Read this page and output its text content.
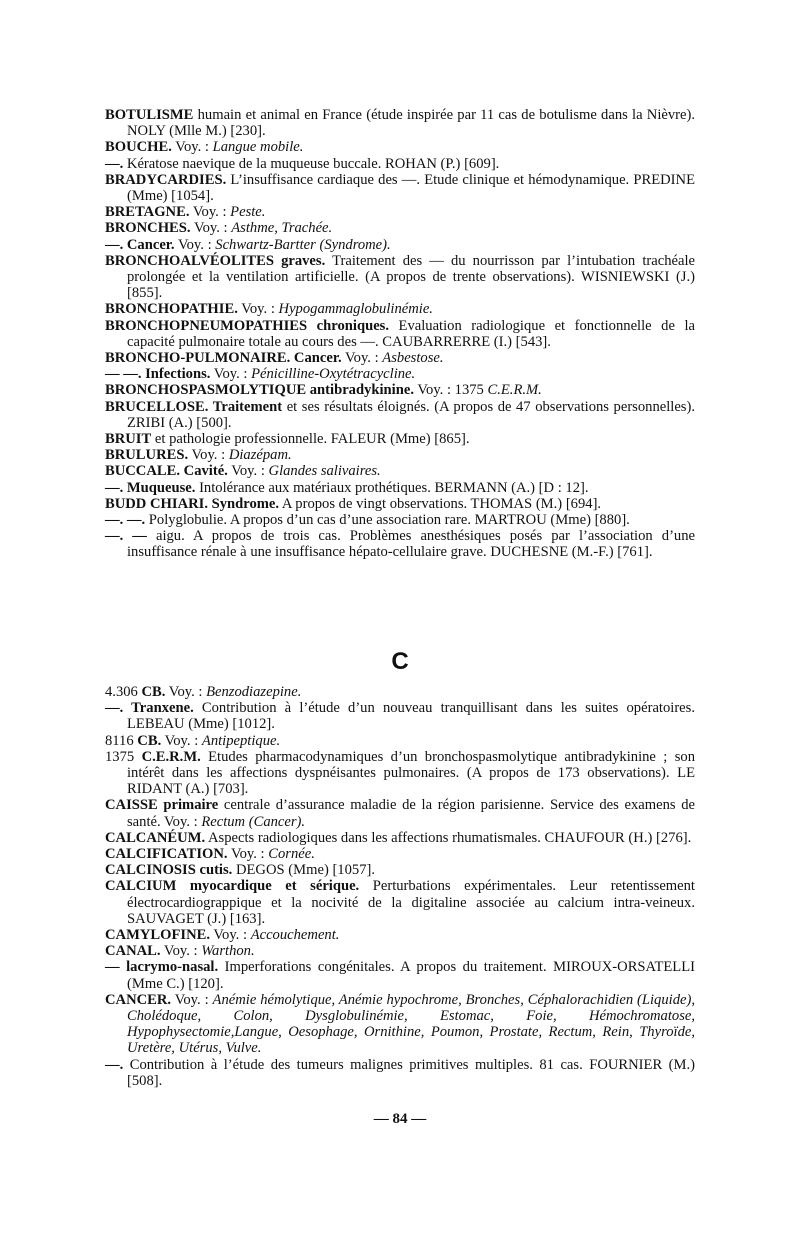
BOTULISME humain et animal en France (étude inspirée par 11 cas de botulisme dans la Nièvre). NOLY (Mlle M.) [230].

BOUCHE. Voy. : Langue mobile.

—. Kératose naevique de la muqueuse buccale. ROHAN (P.) [609].

BRADYCARDIES. L’insuffisance cardiaque des —. Etude clinique et hémodynamique. PREDINE (Mme) [1054].

BRETAGNE. Voy. : Peste.

BRONCHES. Voy. : Asthme, Trachée.

—. Cancer. Voy. : Schwartz-Bartter (Syndrome).

BRONCHOALVÉOLITES graves. Traitement des — du nourrisson par l’intubation trachéale prolongée et la ventilation artificielle. (A propos de trente observations). WISNIEWSKI (J.) [855].

BRONCHOPATHIE. Voy. : Hypogammaglobulinémie.

BRONCHOPNEUMOPATHIES chroniques. Evaluation radiologique et fonctionnelle de la capacité pulmonaire totale au cours des —. CAUBARRERRE (I.) [543].

BRONCHO-PULMONAIRE. Cancer. Voy. : Asbestose.

— —. Infections. Voy. : Pénicilline-Oxytétracycline.

BRONCHOSPASMOLYTIQUE antibradykinine. Voy. : 1375 C.E.R.M.

BRUCELLOSE. Traitement et ses résultats éloignés. (A propos de 47 observations personnelles). ZRIBI (A.) [500].

BRUIT et pathologie professionnelle. FALEUR (Mme) [865].

BRULURES. Voy. : Diazépam.

BUCCALE. Cavité. Voy. : Glandes salivaires.

—. Muqueuse. Intolérance aux matériaux prothétiques. BERMANN (A.) [D : 12].

BUDD CHIARI. Syndrome. A propos de vingt observations. THOMAS (M.) [694].

—. —. Polyglobulie. A propos d’un cas d’une association rare. MARTROU (Mme) [880].

—. — aigu. A propos de trois cas. Problèmes anesthésiques posés par l’association d’une insuffisance rénale à une insuffisance hépato-cellulaire grave. DUCHESNE (M.-F.) [761].

C

4.306 CB. Voy. : Benzodiazepine.

—. Tranxene. Contribution à l’étude d’un nouveau tranquillisant dans les suites opératoires. LEBEAU (Mme) [1012].

8116 CB. Voy. : Antipeptique.

1375 C.E.R.M. Etudes pharmacodynamiques d’un bronchospasmolytique antibradykinine ; son intérêt dans les affections dyspnéisantes pulmonaires. (A propos de 173 observations). LE RIDANT (A.) [703].

CAISSE primaire centrale d’assurance maladie de la région parisienne. Service des examens de santé. Voy. : Rectum (Cancer).

CALCANÉUM. Aspects radiologiques dans les affections rhumatismales. CHAUFOUR (H.) [276].

CALCIFICATION. Voy. : Cornée.

CALCINOSIS cutis. DEGOS (Mme) [1057].

CALCIUM myocardique et sérique. Perturbations expérimentales. Leur retentissement électrocardiograppique et la nocivité de la digitaline associée au calcium intra-veineux. SAUVAGET (J.) [163].

CAMYLOFINE. Voy. : Accouchement.

CANAL. Voy. : Warthon.

— lacrymo-nasal. Imperforations congénitales. A propos du traitement. MIROUX-ORSATELLI (Mme C.) [120].

CANCER. Voy. : Anémie hémolytique, Anémie hypochrome, Bronches, Céphalorachidien (Liquide), Cholédoque, Colon, Dysglobulinémie, Estomac, Foie, Hémochromatose, Hypophysectomie,Langue, Oesophage, Ornithine, Poumon, Prostate, Rectum, Rein, Thyroïde, Uretère, Utérus, Vulve.

—. Contribution à l’étude des tumeurs malignes primitives multiples. 81 cas. FOURNIER (M.) [508].

— 84 —
